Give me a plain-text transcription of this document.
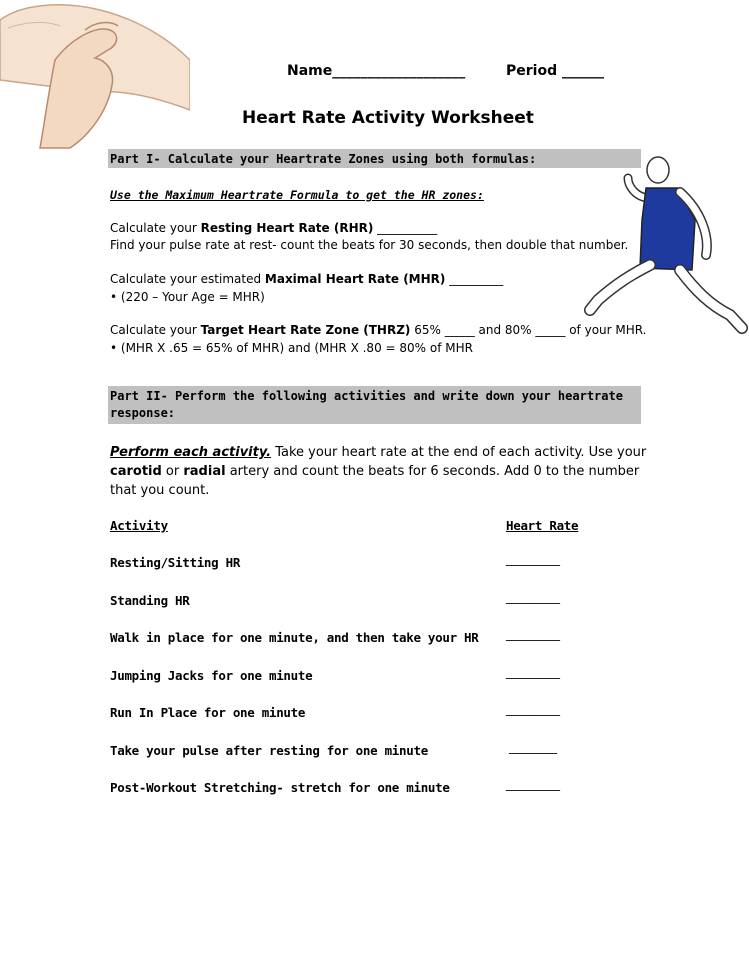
Name___________________	Period ______
Heart Rate Activity Worksheet
Part I- Calculate your Heartrate Zones using both formulas:
Use the Maximum Heartrate Formula to get the HR zones:
Calculate your Resting Heart Rate (RHR) __________
Find your pulse rate at rest- count the beats for 30 seconds, then double that number.
Calculate your estimated Maximal Heart Rate (MHR) _________
• (220 – Your Age = MHR)
Calculate your Target Heart Rate Zone (THRZ) 65% _____ and 80% _____ of your MHR.
• (MHR X .65 = 65% of MHR) and (MHR X .80 = 80% of MHR
Part II- Perform the following activities and write down your heartrate
response:
Perform each activity. Take your heart rate at the end of each activity. Use your
carotid or radial artery and count the beats for 6 seconds. Add 0 to the number
that you count.
Activity	Heart Rate
Resting/Sitting HR	_________
Standing HR	_________
Walk in place for one minute, and then take your HR _________
Jumping Jacks for one minute	_________
Run In Place for one minute	_________
Take your pulse after resting for one minute	________
Post-Workout Stretching- stretch for one minute	_________
